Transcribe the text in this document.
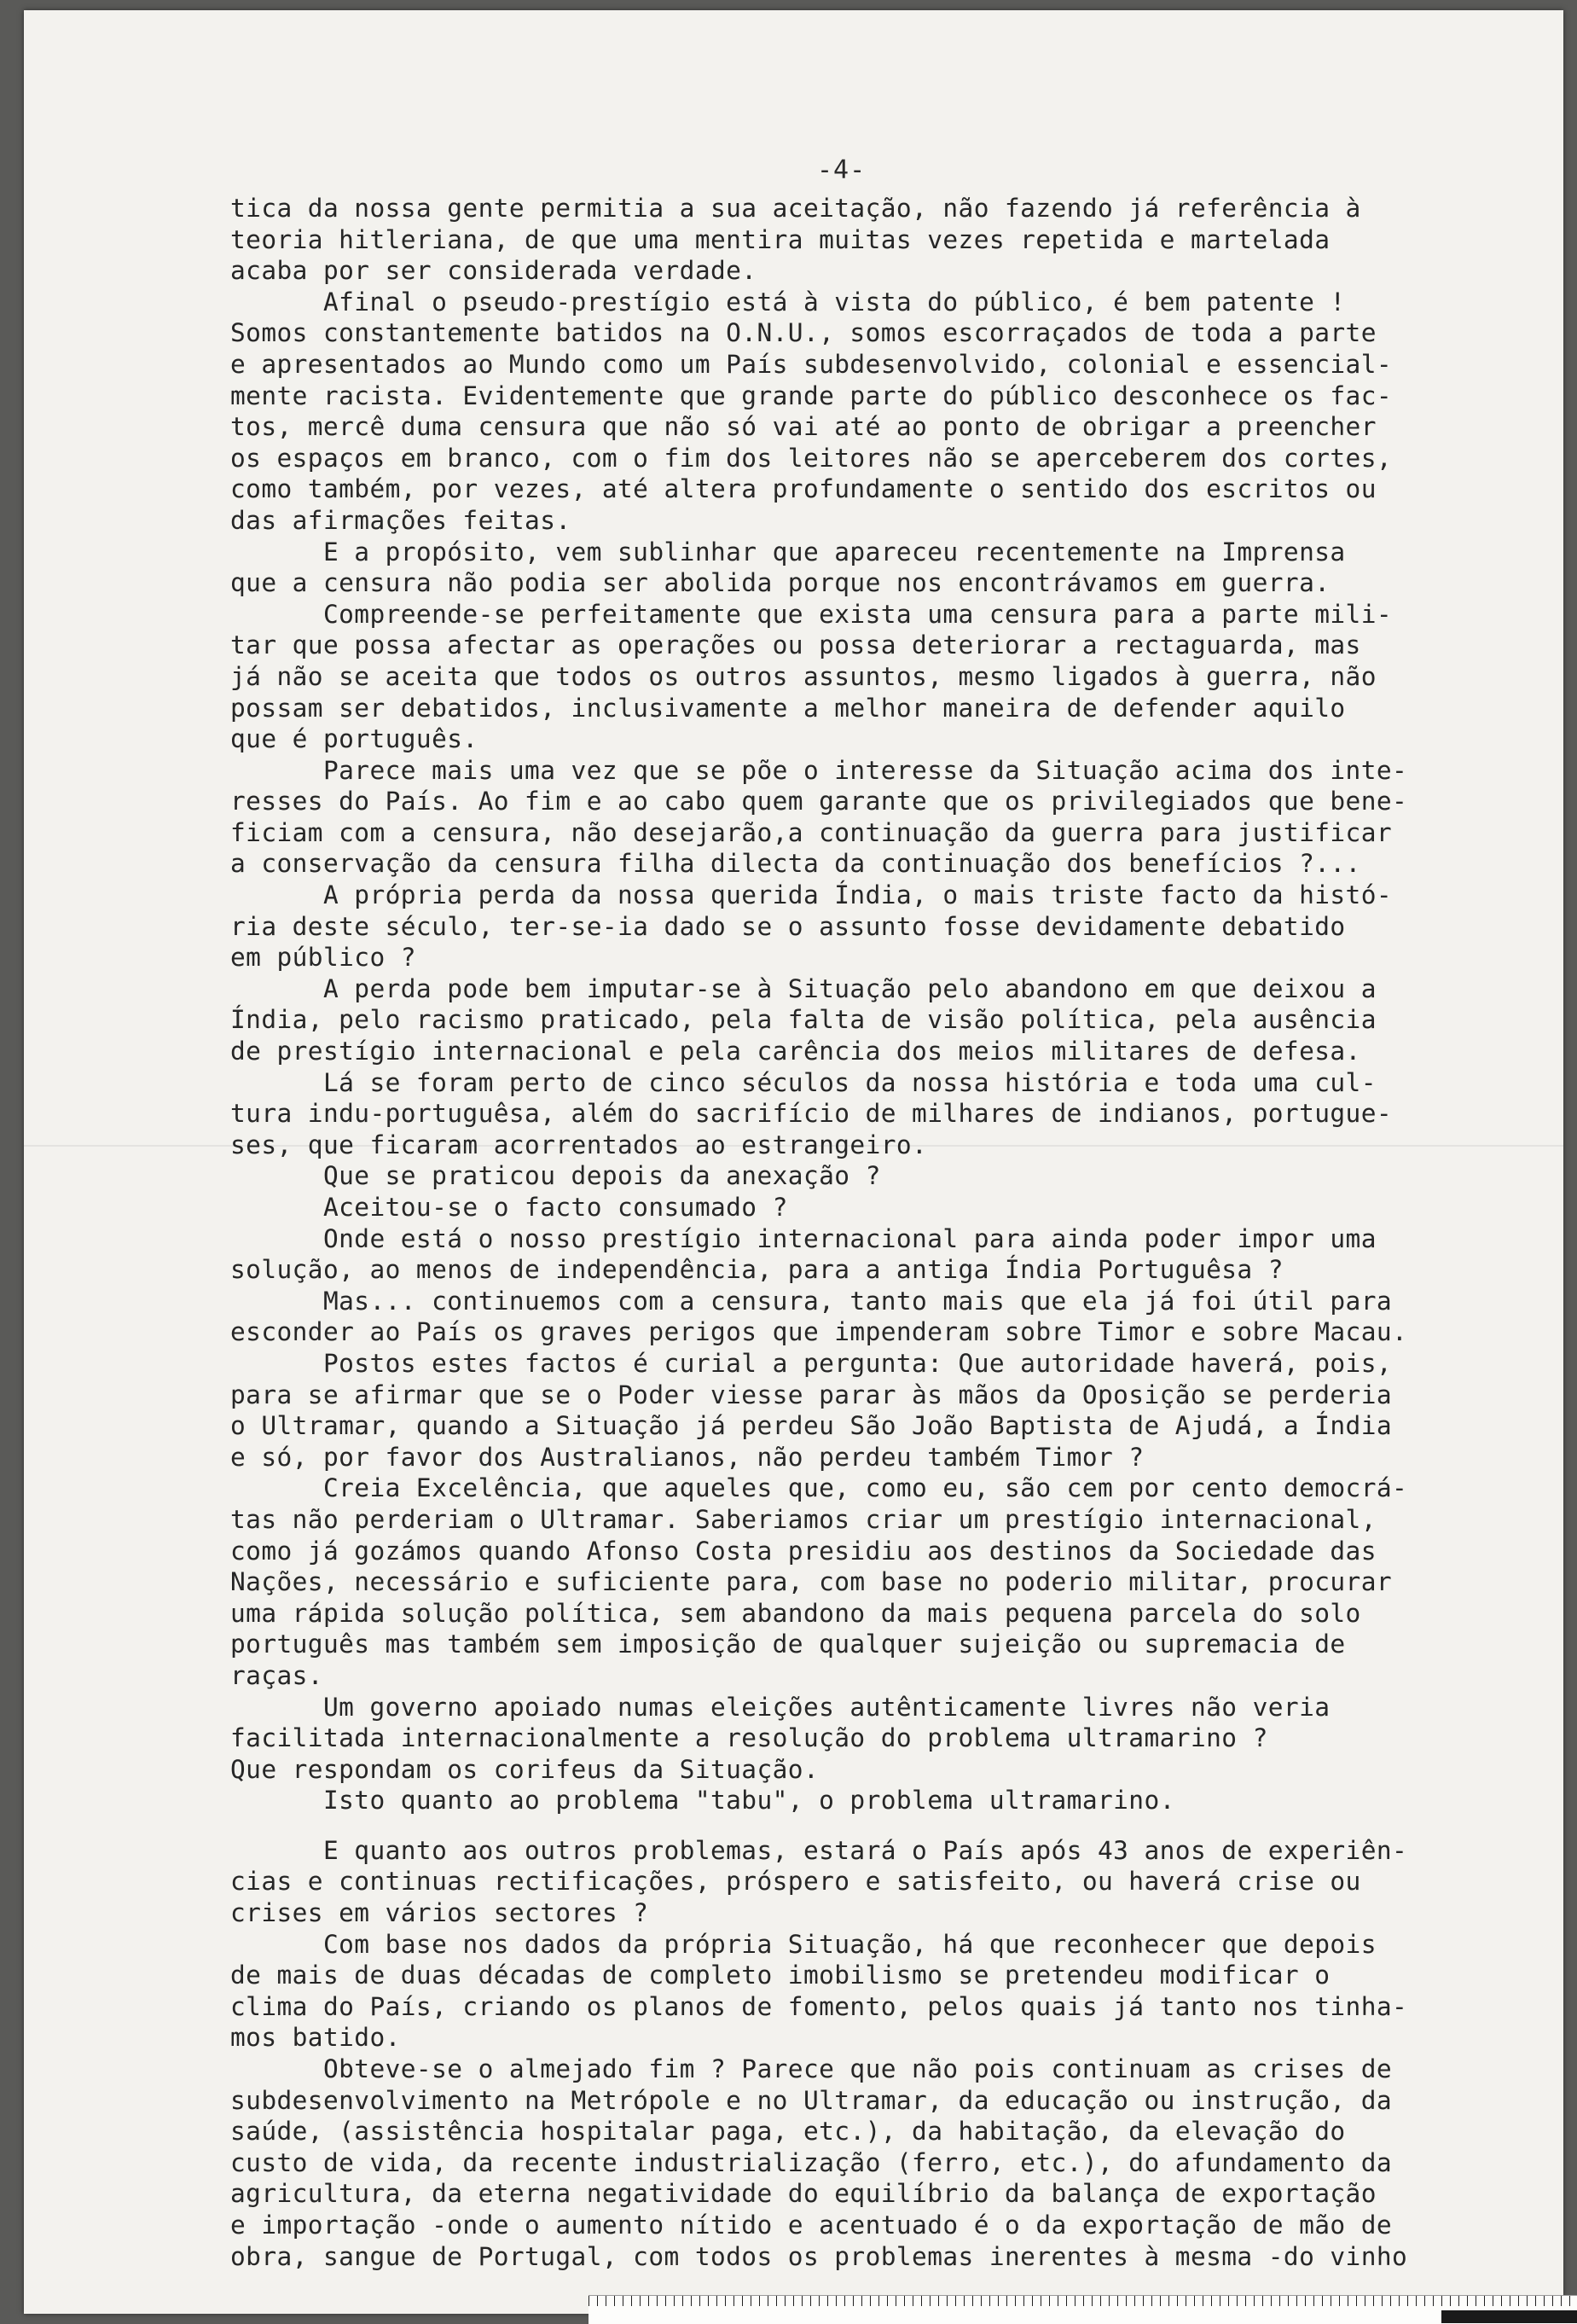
-4-
tica da nossa gente permitia a sua aceitação, não fazendo já referência à
teoria hitleriana, de que uma mentira muitas vezes repetida e martelada
acaba por ser considerada verdade.
Afinal o pseudo-prestígio está à vista do público, é bem patente !
Somos constantemente batidos na O.N.U., somos escorraçados de toda a parte
e apresentados ao Mundo como um País subdesenvolvido, colonial e essencial-
mente racista. Evidentemente que grande parte do público desconhece os fac-
tos, mercê duma censura que não só vai até ao ponto de obrigar a preencher
os espaços em branco, com o fim dos leitores não se aperceberem dos cortes,
como também, por vezes, até altera profundamente o sentido dos escritos ou
das afirmações feitas.
E a propósito, vem sublinhar que apareceu recentemente na Imprensa
que a censura não podia ser abolida porque nos encontrávamos em guerra.
Compreende-se perfeitamente que exista uma censura para a parte mili-
tar que possa afectar as operações ou possa deteriorar a rectaguarda, mas
já não se aceita que todos os outros assuntos, mesmo ligados à guerra, não
possam ser debatidos, inclusivamente a melhor maneira de defender aquilo
que é português.
Parece mais uma vez que se põe o interesse da Situação acima dos inte-
resses do País. Ao fim e ao cabo quem garante que os privilegiados que bene-
ficiam com a censura, não desejarão,a continuação da guerra para justificar
a conservação da censura filha dilecta da continuação dos benefícios ?...
A própria perda da nossa querida Índia, o mais triste facto da histó-
ria deste século, ter-se-ia dado se o assunto fosse devidamente debatido
em público ?
A perda pode bem imputar-se à Situação pelo abandono em que deixou a
Índia, pelo racismo praticado, pela falta de visão política, pela ausência
de prestígio internacional e pela carência dos meios militares de defesa.
Lá se foram perto de cinco séculos da nossa história e toda uma cul-
tura indu-portuguêsa, além do sacrifício de milhares de indianos, portugue-
ses, que ficaram acorrentados ao estrangeiro.
Que se praticou depois da anexação ?
Aceitou-se o facto consumado ?
Onde está o nosso prestígio internacional para ainda poder impor uma
solução, ao menos de independência, para a antiga Índia Portuguêsa ?
Mas... continuemos com a censura, tanto mais que ela já foi útil para
esconder ao País os graves perigos que impenderam sobre Timor e sobre Macau.
Postos estes factos é curial a pergunta: Que autoridade haverá, pois,
para se afirmar que se o Poder viesse parar às mãos da Oposição se perderia
o Ultramar, quando a Situação já perdeu São João Baptista de Ajudá, a Índia
e só, por favor dos Australianos, não perdeu também Timor ?
Creia Excelência, que aqueles que, como eu, são cem por cento democrá-
tas não perderiam o Ultramar. Saberiamos criar um prestígio internacional,
como já gozámos quando Afonso Costa presidiu aos destinos da Sociedade das
Nações, necessário e suficiente para, com base no poderio militar, procurar
uma rápida solução política, sem abandono da mais pequena parcela do solo
português mas também sem imposição de qualquer sujeição ou supremacia de
raças.
Um governo apoiado numas eleições autênticamente livres não veria
facilitada internacionalmente a resolução do problema ultramarino ?
Que respondam os corifeus da Situação.
Isto quanto ao problema "tabu", o problema ultramarino.
E quanto aos outros problemas, estará o País após 43 anos de experiên-
cias e continuas rectificações, próspero e satisfeito, ou haverá crise ou
crises em vários sectores ?
Com base nos dados da própria Situação, há que reconhecer que depois
de mais de duas décadas de completo imobilismo se pretendeu modificar o
clima do País, criando os planos de fomento, pelos quais já tanto nos tinha-
mos batido.
Obteve-se o almejado fim ? Parece que não pois continuam as crises de
subdesenvolvimento na Metrópole e no Ultramar, da educação ou instrução, da
saúde, (assistência hospitalar paga, etc.), da habitação, da elevação do
custo de vida, da recente industrialização (ferro, etc.), do afundamento da
agricultura, da eterna negatividade do equilíbrio da balança de exportação
e importação -onde o aumento nítido e acentuado é o da exportação de mão de
obra, sangue de Portugal, com todos os problemas inerentes à mesma -do vinho
